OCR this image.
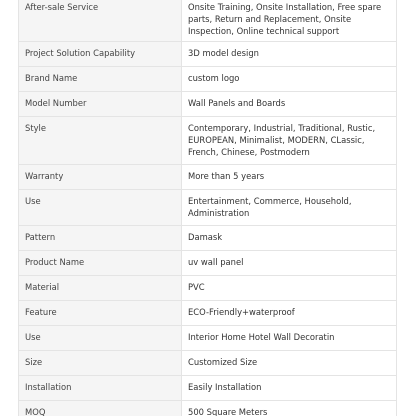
After-sale Service	Onsite Training, Onsite Installation, Free spare parts, Return and Replacement, Onsite Inspection, Online technical support
Project Solution Capability	3D model design
Brand Name	custom logo
Model Number	Wall Panels and Boards
Style	Contemporary, Industrial, Traditional, Rustic, EUROPEAN, Minimalist, MODERN, CLassic, French, Chinese, Postmodern
Warranty	More than 5 years
Use	Entertainment, Commerce, Household, Administration
Pattern	Damask
Product Name	uv wall panel
Material	PVC
Feature	ECO-Friendly+waterproof
Use	Interior Home Hotel Wall Decoratin
Size	Customized Size
Installation	Easily Installation
MOQ	500 Square Meters
